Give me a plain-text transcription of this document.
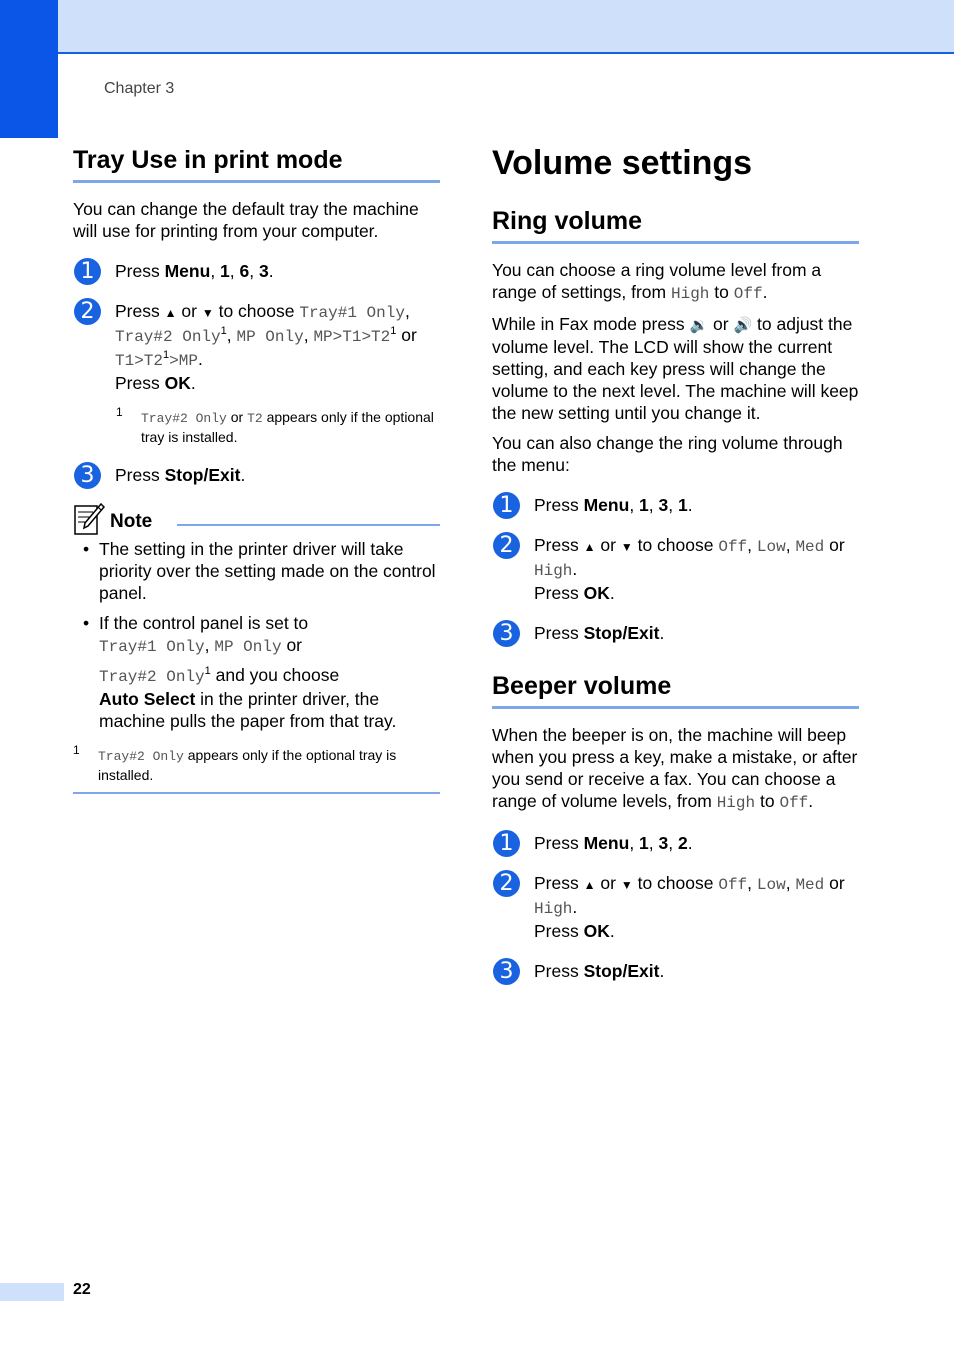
Chapter 3
Tray Use in print mode

You can change the default tray the machine will use for printing from your computer.

1	Press Menu, 1, 6, 3.
2	Press ▲ or ▼ to choose Tray#1 Only, Tray#2 Only$^1$, MP Only, $MP>T1>T2^1$ or $T1>T2^1>MP$.
Press OK.
1 Tray#2 Only or T2 appears only if the optional tray is installed.
3	Press Stop/Exit.
Note
• The setting in the printer driver will take priority over the setting made on the control panel.
• If the control panel is set to
Tray#1 Only, MP Only or
Tray#2 Only$^1$ and you choose
Auto Select in the printer driver, the machine pulls the paper from that tray.
1 Tray#2 Only appears only if the optional tray is installed.
Volume settings
Ring volume

You can choose a ring volume level from a range of settings, from High to Off.

While in Fax mode press 🔉 or 🔊 to adjust the volume level. The LCD will show the current setting, and each key press will change the volume to the next level. The machine will keep the new setting until you change it.

You can also change the ring volume through the menu:

1	Press Menu, 1, 3, 1.
2	Press ▲ or ▼ to choose Off, Low, Med or High.
Press OK.
3	Press Stop/Exit.
Beeper volume

When the beeper is on, the machine will beep when you press a key, make a mistake, or after you send or receive a fax. You can choose a range of volume levels, from High to Off.

1	Press Menu, 1, 3, 2.
2	Press ▲ or ▼ to choose Off, Low, Med or High.
Press OK.
3	Press Stop/Exit.
22
